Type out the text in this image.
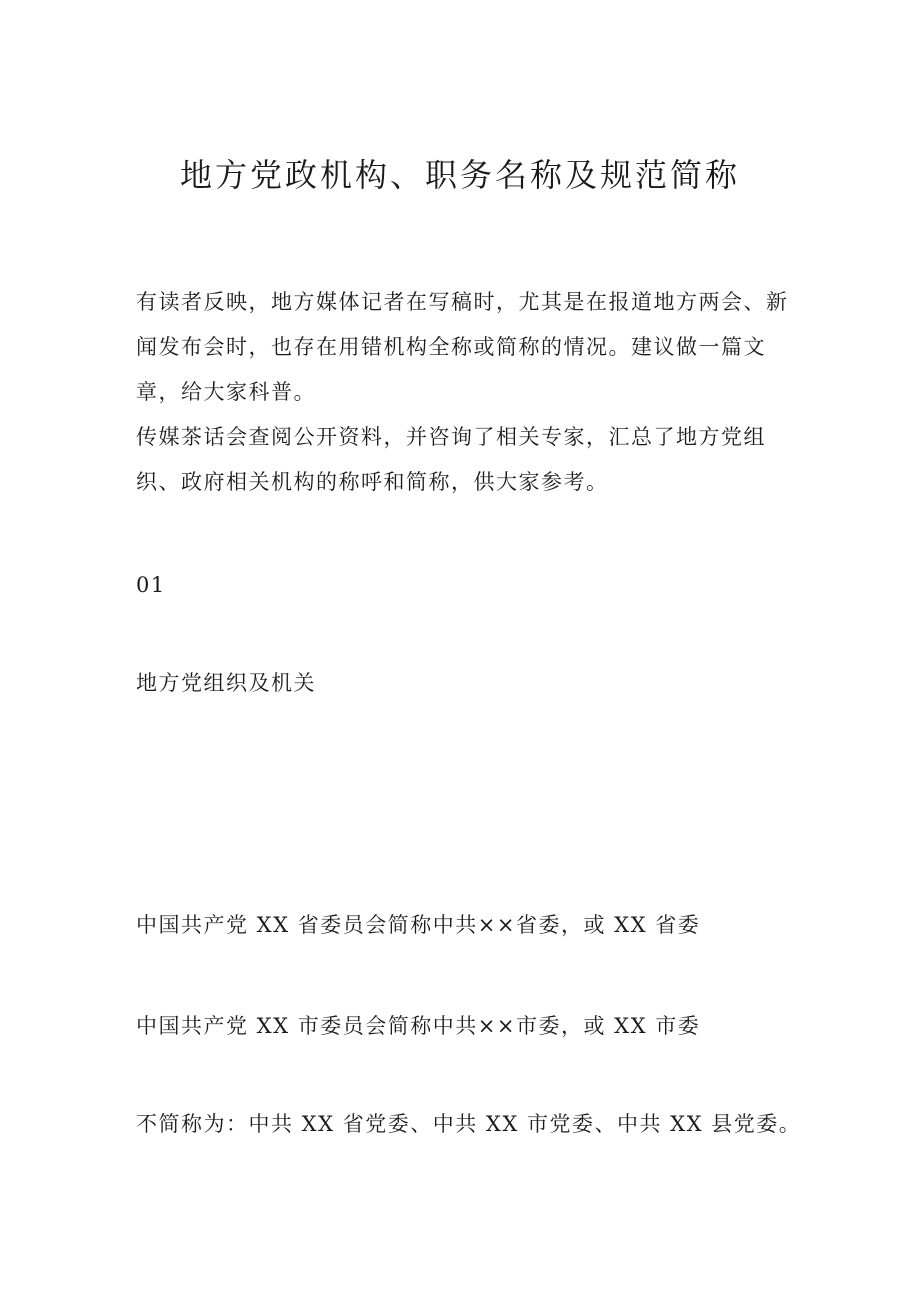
地方党政机构、职务名称及规范简称

有读者反映，地方媒体记者在写稿时，尤其是在报道地方两会、新闻发布会时，也存在用错机构全称或简称的情况。建议做一篇文章，给大家科普。

传媒茶话会查阅公开资料，并咨询了相关专家，汇总了地方党组织、政府相关机构的称呼和简称，供大家参考。

01

地方党组织及机关

中国共产党 XX 省委员会简称中共××省委，或 XX 省委

中国共产党 XX 市委员会简称中共××市委，或 XX 市委

不简称为：中共 XX 省党委、中共 XX 市党委、中共 XX 县党委。
